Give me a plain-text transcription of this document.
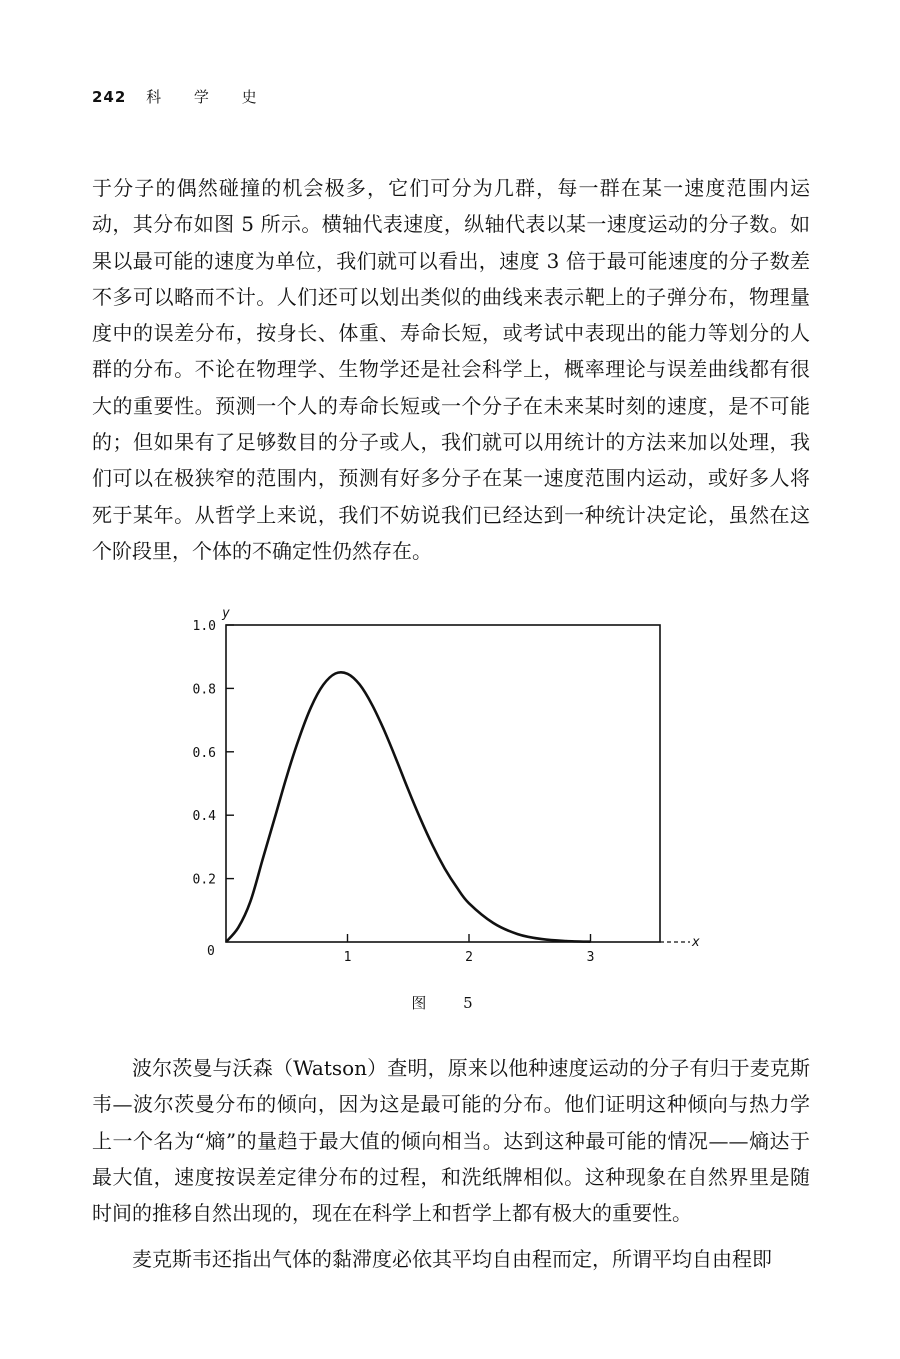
242 科 学 史

于分子的偶然碰撞的机会极多，它们可分为几群，每一群在某一速度范围内运动，其分布如图 5 所示。横轴代表速度，纵轴代表以某一速度运动的分子数。如果以最可能的速度为单位，我们就可以看出，速度 3 倍于最可能速度的分子数差不多可以略而不计。人们还可以划出类似的曲线来表示靶上的子弹分布，物理量度中的误差分布，按身长、体重、寿命长短，或考试中表现出的能力等划分的人群的分布。不论在物理学、生物学还是社会科学上，概率理论与误差曲线都有很大的重要性。预测一个人的寿命长短或一个分子在未来某时刻的速度，是不可能的；但如果有了足够数目的分子或人，我们就可以用统计的方法来加以处理，我们可以在极狭窄的范围内，预测有好多分子在某一速度范围内运动，或好多人将死于某年。从哲学上来说，我们不妨说我们已经达到一种统计决定论，虽然在这个阶段里，个体的不确定性仍然存在。

x
y
0
0.2
0.4
0.6
0.8
1.0
1	2	3
图 5

波尔茨曼与沃森（Watson）查明，原来以他种速度运动的分子有归于麦克斯韦—波尔茨曼分布的倾向，因为这是最可能的分布。他们证明这种倾向与热力学上一个名为“熵”的量趋于最大值的倾向相当。达到这种最可能的情况——熵达于最大值，速度按误差定律分布的过程，和洗纸牌相似。这种现象在自然界里是随时间的推移自然出现的，现在在科学上和哲学上都有极大的重要性。

麦克斯韦还指出气体的黏滞度必依其平均自由程而定，所谓平均自由程即
